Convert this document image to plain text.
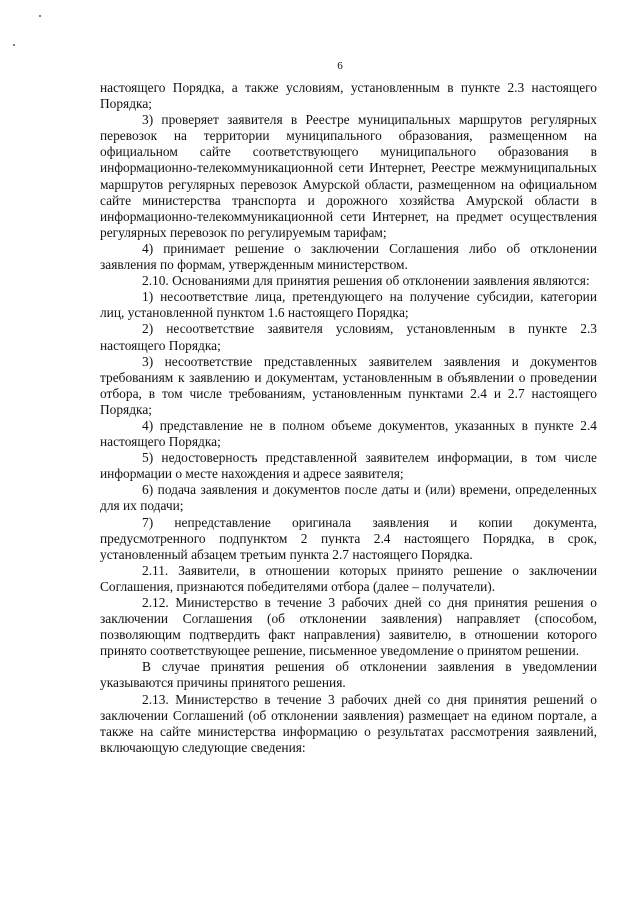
6

настоящего Порядка, а также условиям, установленным в пункте 2.3 настоящего Порядка;

3) проверяет заявителя в Реестре муниципальных маршрутов регулярных перевозок на территории муниципального образования, размещенном на официальном сайте соответствующего муниципального образования в информационно-телекоммуникационной сети Интернет, Реестре межмуниципальных маршрутов регулярных перевозок Амурской области, размещенном на официальном сайте министерства транспорта и дорожного хозяйства Амурской области в информационно-телекоммуникационной сети Интернет, на предмет осуществления регулярных перевозок по регулируемым тарифам;

4) принимает решение о заключении Соглашения либо об отклонении заявления по формам, утвержденным министерством.

2.10. Основаниями для принятия решения об отклонении заявления являются:

1) несоответствие лица, претендующего на получение субсидии, категории лиц, установленной пунктом 1.6 настоящего Порядка;

2) несоответствие заявителя условиям, установленным в пункте 2.3 настоящего Порядка;

3) несоответствие представленных заявителем заявления и документов требованиям к заявлению и документам, установленным в объявлении о проведении отбора, в том числе требованиям, установленным пунктами 2.4 и 2.7 настоящего Порядка;

4) представление не в полном объеме документов, указанных в пункте 2.4 настоящего Порядка;

5) недостоверность представленной заявителем информации, в том числе информации о месте нахождения и адресе заявителя;

6) подача заявления и документов после даты и (или) времени, определенных для их подачи;

7) непредставление оригинала заявления и копии документа, предусмотренного подпунктом 2 пункта 2.4 настоящего Порядка, в срок, установленный абзацем третьим пункта 2.7 настоящего Порядка.

2.11. Заявители, в отношении которых принято решение о заключении Соглашения, признаются победителями отбора (далее – получатели).

2.12. Министерство в течение 3 рабочих дней со дня принятия решения о заключении Соглашения (об отклонении заявления) направляет (способом, позволяющим подтвердить факт направления) заявителю, в отношении которого принято соответствующее решение, письменное уведомление о принятом решении.

В случае принятия решения об отклонении заявления в уведомлении указываются причины принятого решения.

2.13. Министерство в течение 3 рабочих дней со дня принятия решений о заключении Соглашений (об отклонении заявления) размещает на едином портале, а также на сайте министерства информацию о результатах рассмотрения заявлений, включающую следующие сведения:
